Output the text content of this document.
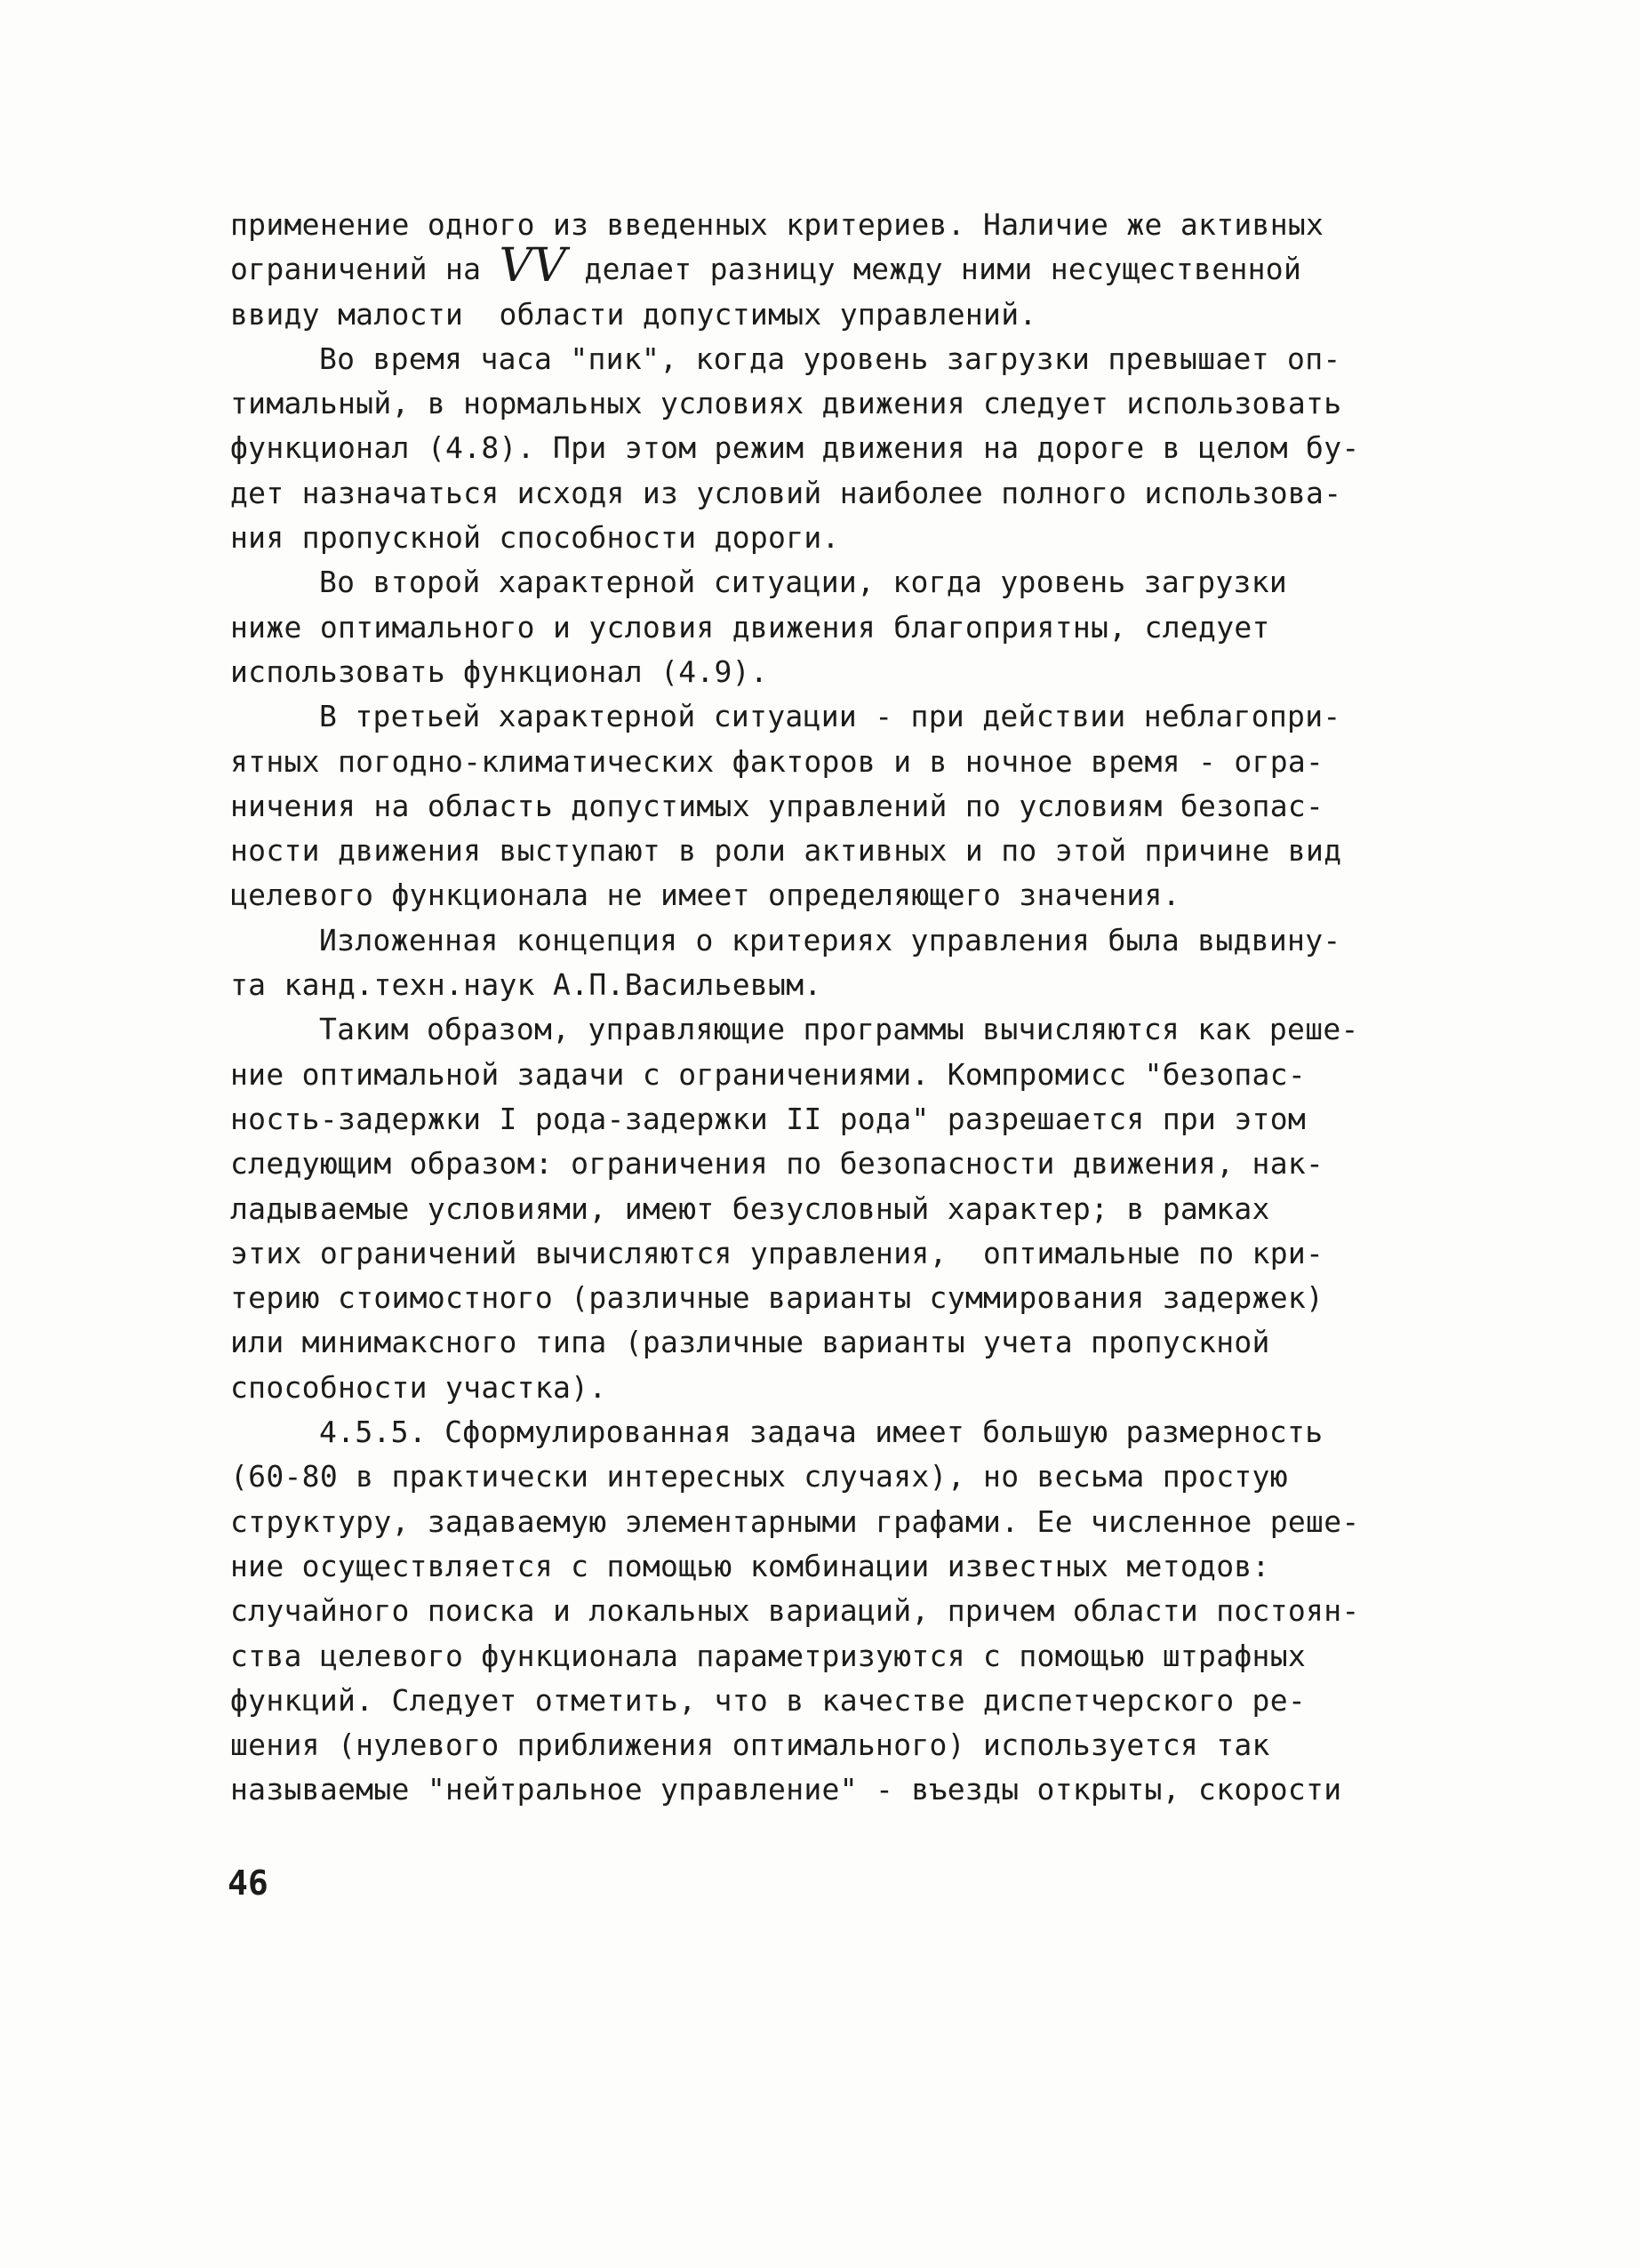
применение одного из введенных критериев. Наличие же активных
ограничений на VV делает разницу между ними несущественной
ввиду малости  области допустимых управлений.
Во время часа "пик", когда уровень загрузки превышает оп-
тимальный, в нормальных условиях движения следует использовать
функционал (4.8). При этом режим движения на дороге в целом бу-
дет назначаться исходя из условий наиболее полного использова-
ния пропускной способности дороги.
Во второй характерной ситуации, когда уровень загрузки
ниже оптимального и условия движения благоприятны, следует
использовать функционал (4.9).
В третьей характерной ситуации - при действии неблагопри-
ятных погодно-климатических факторов и в ночное время - огра-
ничения на область допустимых управлений по условиям безопас-
ности движения выступают в роли активных и по этой причине вид
целевого функционала не имеет определяющего значения.
Изложенная концепция о критериях управления была выдвину-
та канд.техн.наук А.П.Васильевым.
Таким образом, управляющие программы вычисляются как реше-
ние оптимальной задачи с ограничениями. Компромисс "безопас-
ность-задержки I рода-задержки II рода" разрешается при этом
следующим образом: ограничения по безопасности движения, нак-
ладываемые условиями, имеют безусловный характер; в рамках
этих ограничений вычисляются управления,  оптимальные по кри-
терию стоимостного (различные варианты суммирования задержек)
или минимаксного типа (различные варианты учета пропускной
способности участка).
4.5.5. Сформулированная задача имеет большую размерность
(60-80 в практически интересных случаях), но весьма простую
структуру, задаваемую элементарными графами. Ее численное реше-
ние осуществляется с помощью комбинации известных методов:
случайного поиска и локальных вариаций, причем области постоян-
ства целевого функционала параметризуются с помощью штрафных
функций. Следует отметить, что в качестве диспетчерского ре-
шения (нулевого приближения оптимального) используется так
называемые "нейтральное управление" - въезды открыты, скорости
46
